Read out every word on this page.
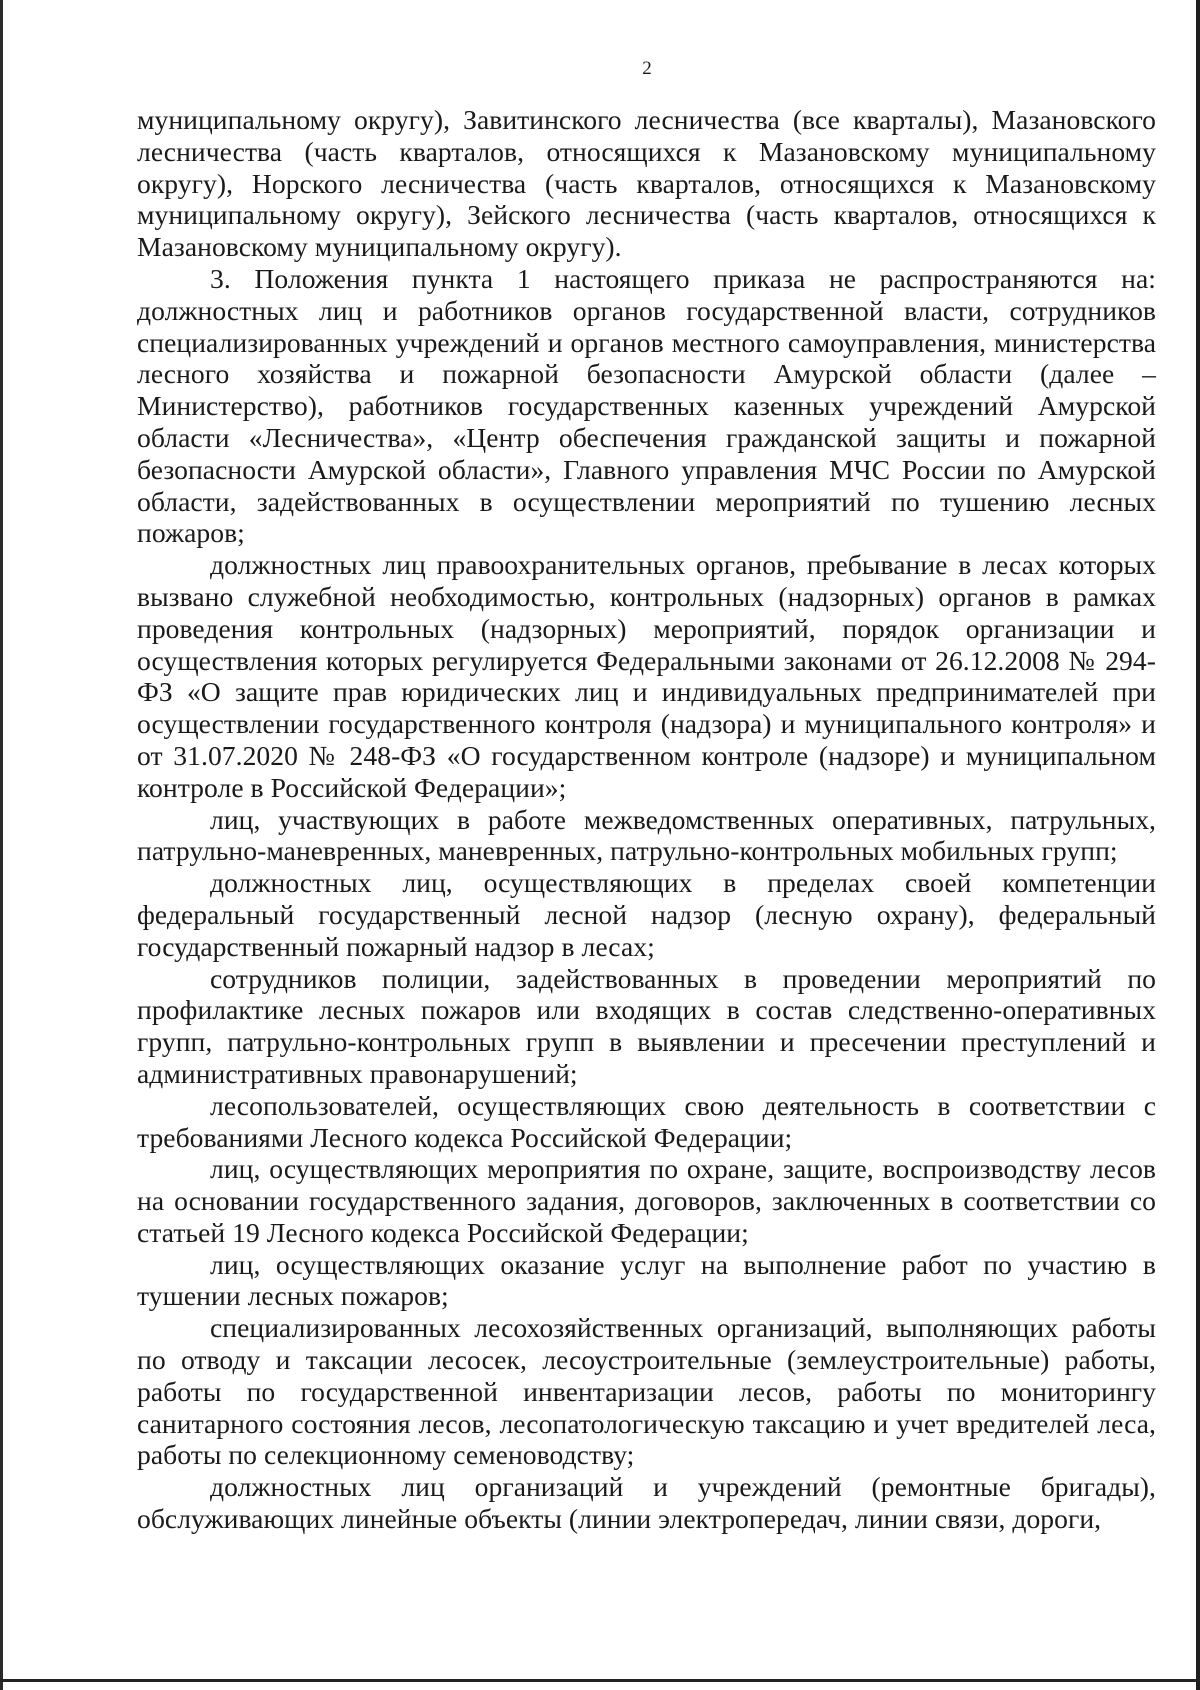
2

муниципальному округу), Завитинского лесничества (все кварталы), Мазановского лесничества (часть кварталов, относящихся к Мазановскому муниципальному округу), Норского лесничества (часть кварталов, относящихся к Мазановскому муниципальному округу), Зейского лесничества (часть кварталов, относящихся к Мазановскому муниципальному округу).

3. Положения пункта 1 настоящего приказа не распространяются на: должностных лиц и работников органов государственной власти, сотрудников специализированных учреждений и органов местного самоуправления, министерства лесного хозяйства и пожарной безопасности Амурской области (далее – Министерство), работников государственных казенных учреждений Амурской области «Лесничества», «Центр обеспечения гражданской защиты и пожарной безопасности Амурской области», Главного управления МЧС России по Амурской области, задействованных в осуществлении мероприятий по тушению лесных пожаров;

должностных лиц правоохранительных органов, пребывание в лесах которых вызвано служебной необходимостью, контрольных (надзорных) органов в рамках проведения контрольных (надзорных) мероприятий, порядок организации и осуществления которых регулируется Федеральными законами от 26.12.2008 № 294-ФЗ «О защите прав юридических лиц и индивидуальных предпринимателей при осуществлении государственного контроля (надзора) и муниципального контроля» и от 31.07.2020 № 248-ФЗ «О государственном контроле (надзоре) и муниципальном контроле в Российской Федерации»;

лиц, участвующих в работе межведомственных оперативных, патрульных, патрульно-маневренных, маневренных, патрульно-контрольных мобильных групп;

должностных лиц, осуществляющих в пределах своей компетенции федеральный государственный лесной надзор (лесную охрану), федеральный государственный пожарный надзор в лесах;

сотрудников полиции, задействованных в проведении мероприятий по профилактике лесных пожаров или входящих в состав следственно-оперативных групп, патрульно-контрольных групп в выявлении и пресечении преступлений и административных правонарушений;

лесопользователей, осуществляющих свою деятельность в соответствии с требованиями Лесного кодекса Российской Федерации;

лиц, осуществляющих мероприятия по охране, защите, воспроизводству лесов на основании государственного задания, договоров, заключенных в соответствии со статьей 19 Лесного кодекса Российской Федерации;

лиц, осуществляющих оказание услуг на выполнение работ по участию в тушении лесных пожаров;

специализированных лесохозяйственных организаций, выполняющих работы по отводу и таксации лесосек, лесоустроительные (землеустроительные) работы, работы по государственной инвентаризации лесов, работы по мониторингу санитарного состояния лесов, лесопатологическую таксацию и учет вредителей леса, работы по селекционному семеноводству;

должностных лиц организаций и учреждений (ремонтные бригады), обслуживающих линейные объекты (линии электропередач, линии связи, дороги,
